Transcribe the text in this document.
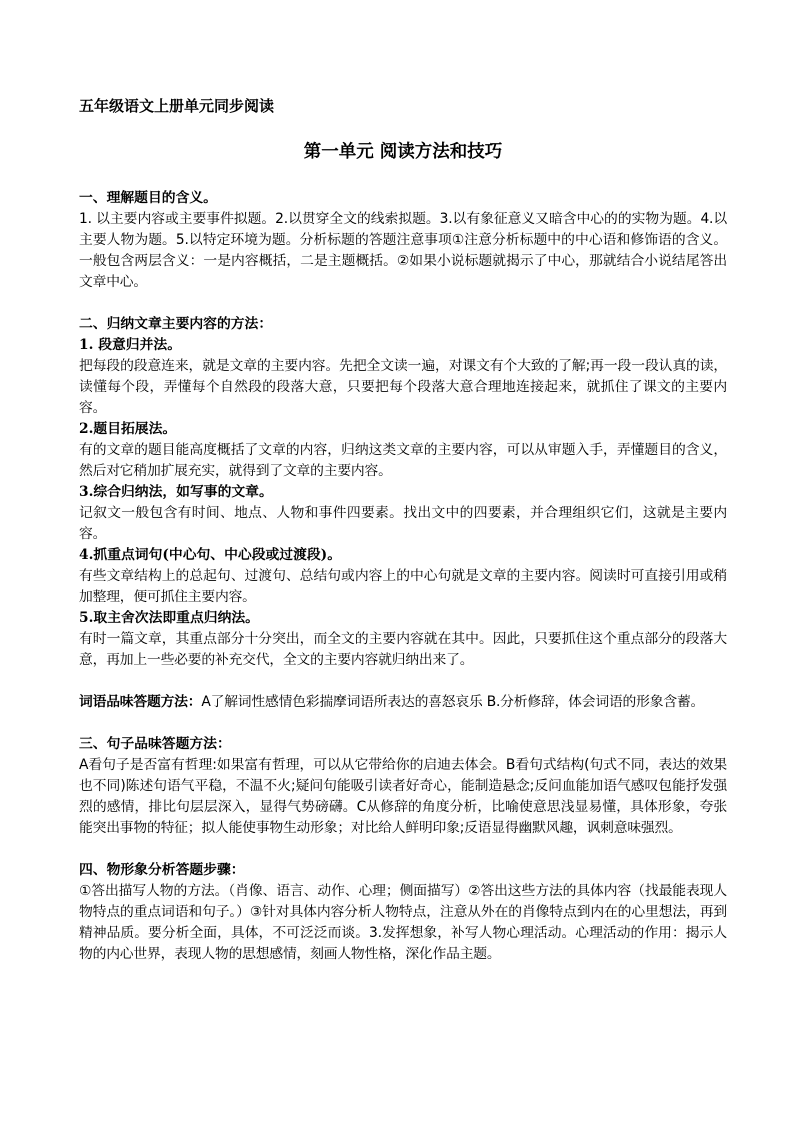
五年级语文上册单元同步阅读

第一单元 阅读方法和技巧

一、理解题目的含义。

1. 以主要内容或主要事件拟题。2.以贯穿全文的线索拟题。3.以有象征意义又暗含中心的的实物为题。4.以主要人物为题。5.以特定环境为题。分析标题的答题注意事项①注意分析标题中的中心语和修饰语的含义。一般包含两层含义：一是内容概括，二是主题概括。②如果小说标题就揭示了中心，那就结合小说结尾答出文章中心。

二、归纳文章主要内容的方法：

1. 段意归并法。

把每段的段意连来，就是文章的主要内容。先把全文读一遍，对课文有个大致的了解;再一段一段认真的读，读懂每个段，弄懂每个自然段的段落大意，只要把每个段落大意合理地连接起来，就抓住了课文的主要内容。

2.题目拓展法。

有的文章的题目能高度概括了文章的内容，归纳这类文章的主要内容，可以从审题入手，弄懂题目的含义，然后对它稍加扩展充实，就得到了文章的主要内容。

3.综合归纳法，如写事的文章。

记叙文一般包含有时间、地点、人物和事件四要素。找出文中的四要素，并合理组织它们，这就是主要内容。

4.抓重点词句(中心句、中心段或过渡段)。

有些文章结构上的总起句、过渡句、总结句或内容上的中心句就是文章的主要内容。阅读时可直接引用或稍加整理，便可抓住主要内容。

5.取主舍次法即重点归纳法。

有时一篇文章，其重点部分十分突出，而全文的主要内容就在其中。因此，只要抓住这个重点部分的段落大意，再加上一些必要的补充交代，全文的主要内容就归纳出来了。

词语品味答题方法：A了解词性感情色彩揣摩词语所表达的喜怒哀乐 B.分析修辞，体会词语的形象含蓄。

三、句子品味答题方法：

A看句子是否富有哲理:如果富有哲理，可以从它带给你的启迪去体会。B看句式结构(句式不同，表达的效果也不同)陈述句语气平稳，不温不火;疑问句能吸引读者好奇心，能制造悬念;反问血能加语气感叹包能抒发强烈的感情，排比句层层深入，显得气势磅礴。C从修辞的角度分析，比喻使意思浅显易懂，具体形象，夸张能突出事物的特征；拟人能使事物生动形象；对比给人鲜明印象;反语显得幽默风趣，讽刺意味强烈。

四、物形象分析答题步骤：

①答出描写人物的方法。（肖像、语言、动作、心理；侧面描写）②答出这些方法的具体内容（找最能表现人物特点的重点词语和句子。）③针对具体内容分析人物特点，注意从外在的肖像特点到内在的心里想法，再到精神品质。要分析全面，具体，不可泛泛而谈。3.发挥想象，补写人物心理活动。心理活动的作用：揭示人物的内心世界，表现人物的思想感情，刻画人物性格，深化作品主题。
